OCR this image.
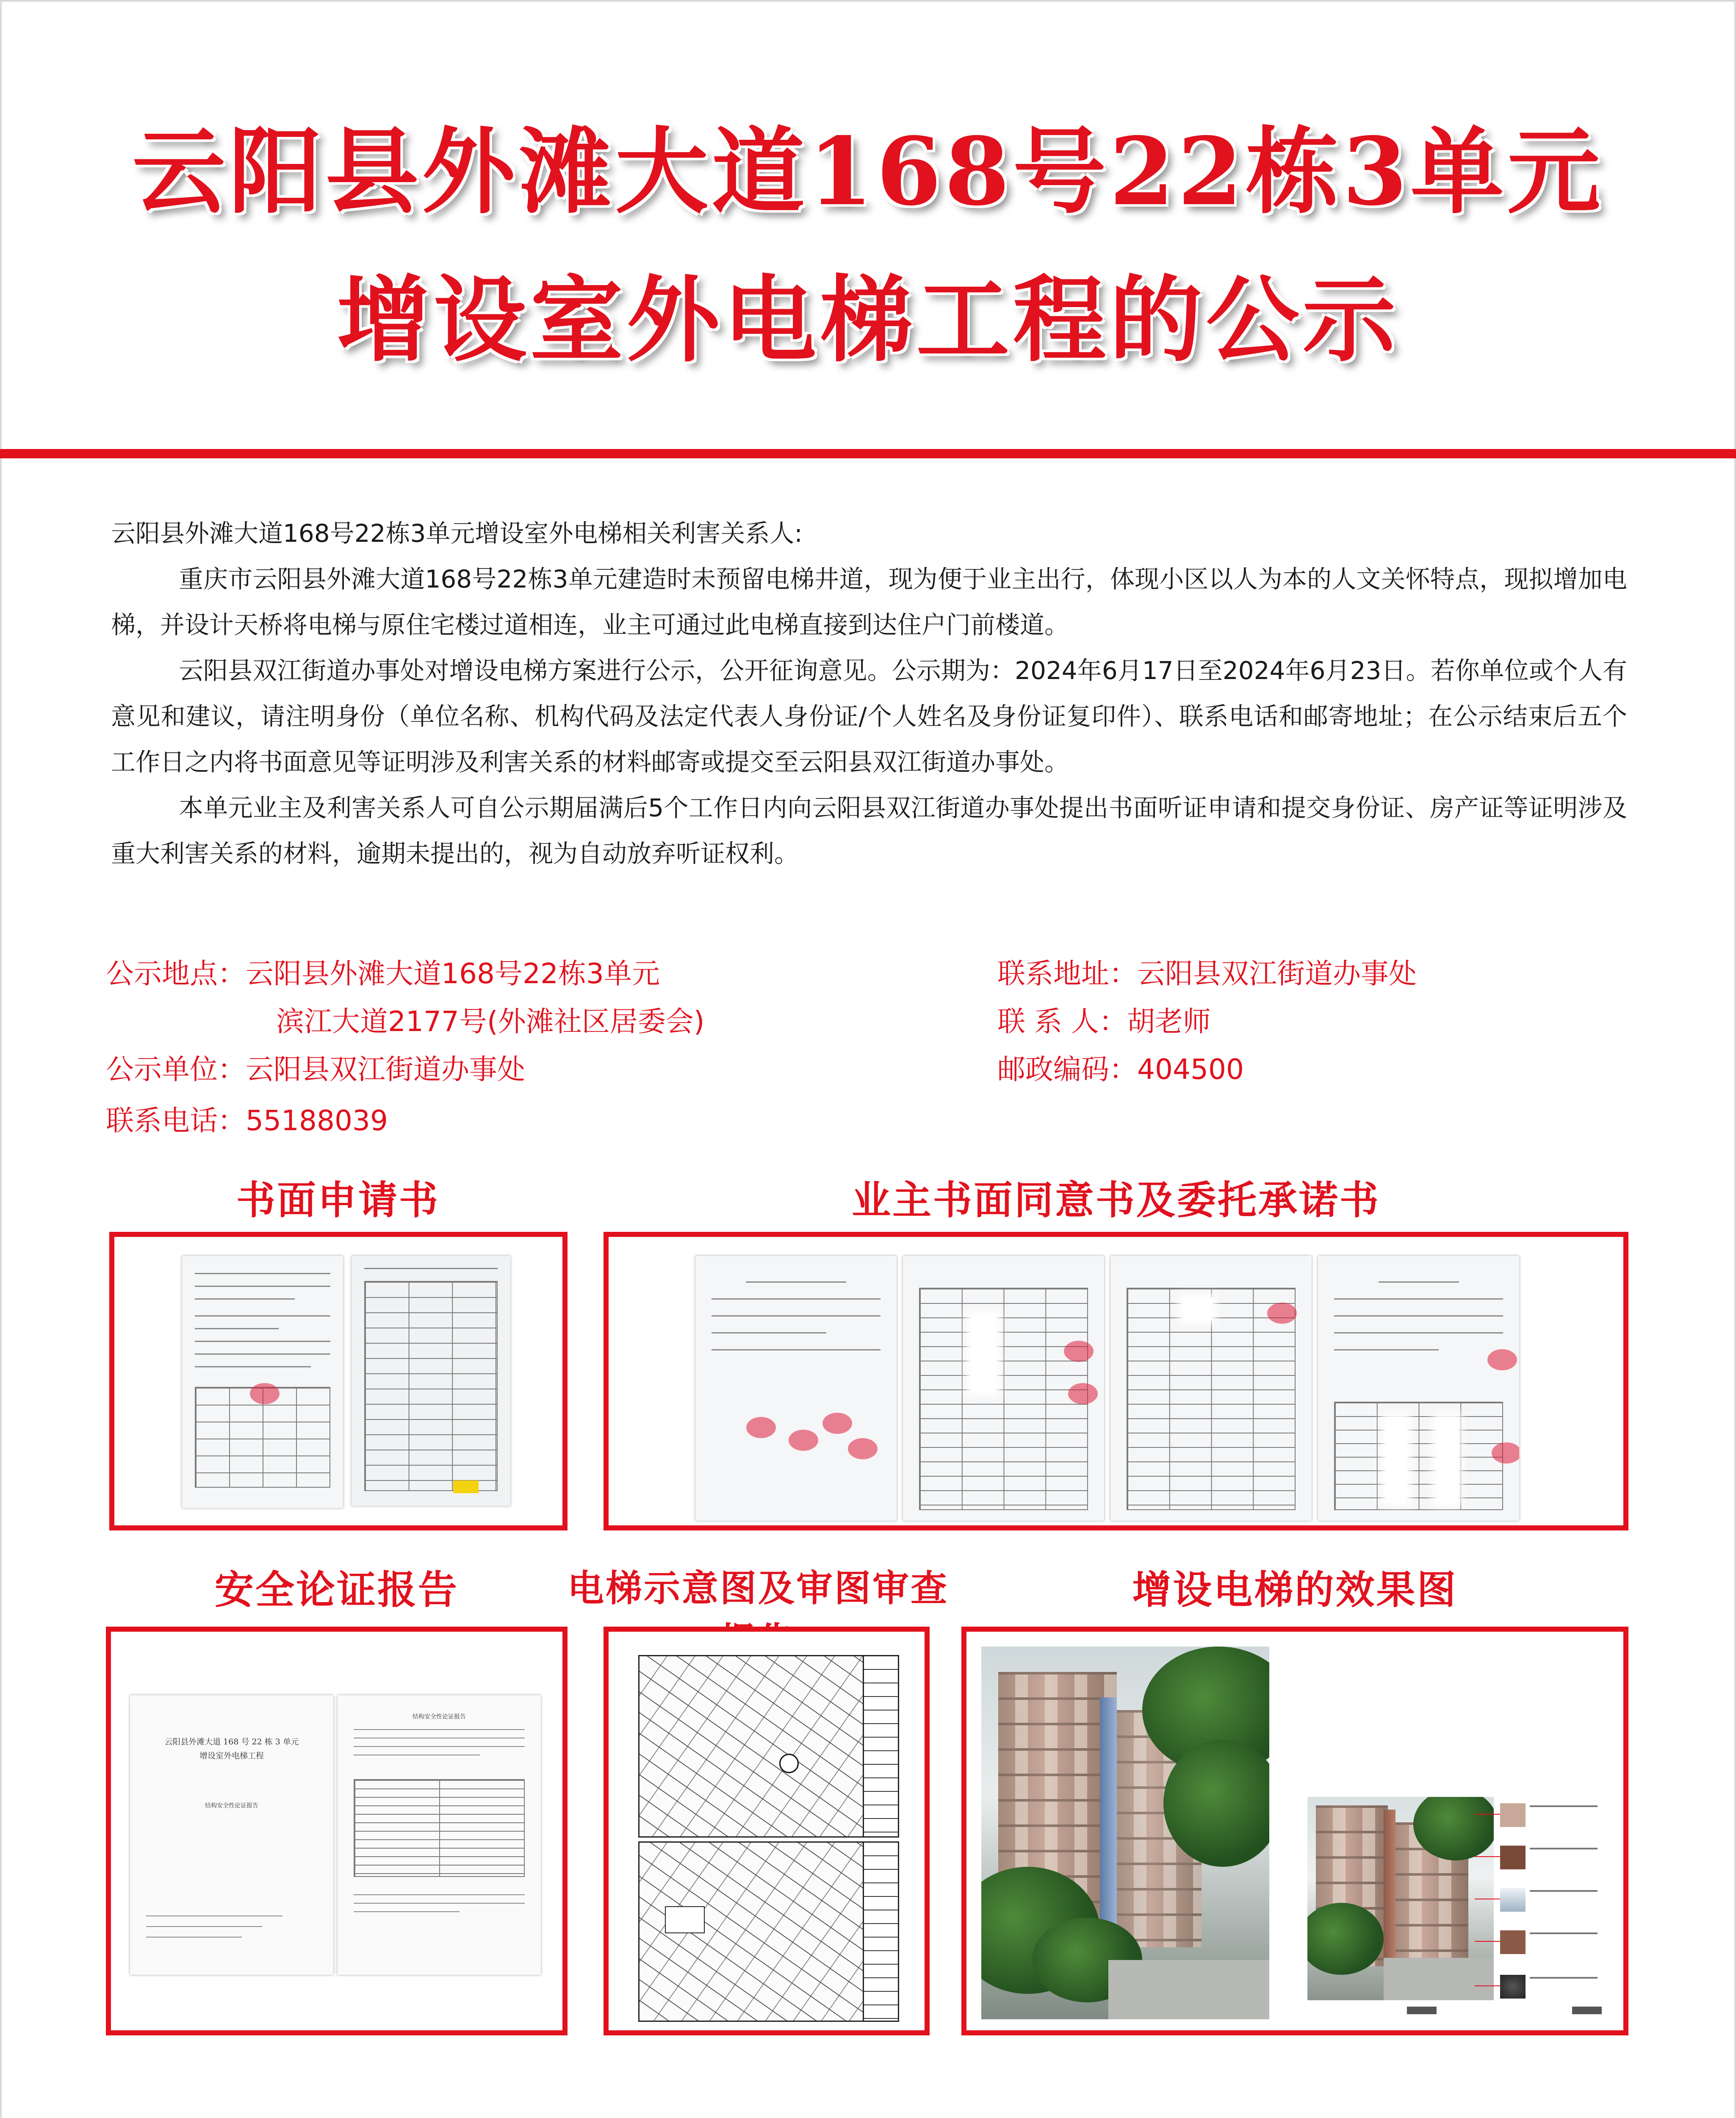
云阳县外滩大道168号22栋3单元
增设室外电梯工程的公示

云阳县外滩大道168号22栋3单元增设室外电梯相关利害关系人:

重庆市云阳县外滩大道168号22栋3单元建造时未预留电梯井道，现为便于业主出行，体现小区以人为本的人文关怀特点，现拟增加电梯，并设计天桥将电梯与原住宅楼过道相连，业主可通过此电梯直接到达住户门前楼道。

云阳县双江街道办事处对增设电梯方案进行公示，公开征询意见。公示期为：2024年6月17日至2024年6月23日。若你单位或个人有意见和建议，请注明身份（单位名称、机构代码及法定代表人身份证/个人姓名及身份证复印件）、联系电话和邮寄地址；在公示结束后五个工作日之内将书面意见等证明涉及利害关系的材料邮寄或提交至云阳县双江街道办事处。

本单元业主及利害关系人可自公示期届满后5个工作日内向云阳县双江街道办事处提出书面听证申请和提交身份证、房产证等证明涉及重大利害关系的材料，逾期未提出的，视为自动放弃听证权利。

公示地点：云阳县外滩大道168号22栋3单元
滨江大道2177号(外滩社区居委会)
公示单位：云阳县双江街道办事处
联系电话：55188039
联系地址：云阳县双江街道办事处
联 系 人：胡老师
邮政编码：404500
书面申请书	业主书面同意书及委托承诺书
安全论证报告	电梯示意图及审图审查	增设电梯的效果图
云阳县外滩大道 168 号 22 栋 3 单元
增设室外电梯工程
结构安全性论证报告
结构安全性论证报告
